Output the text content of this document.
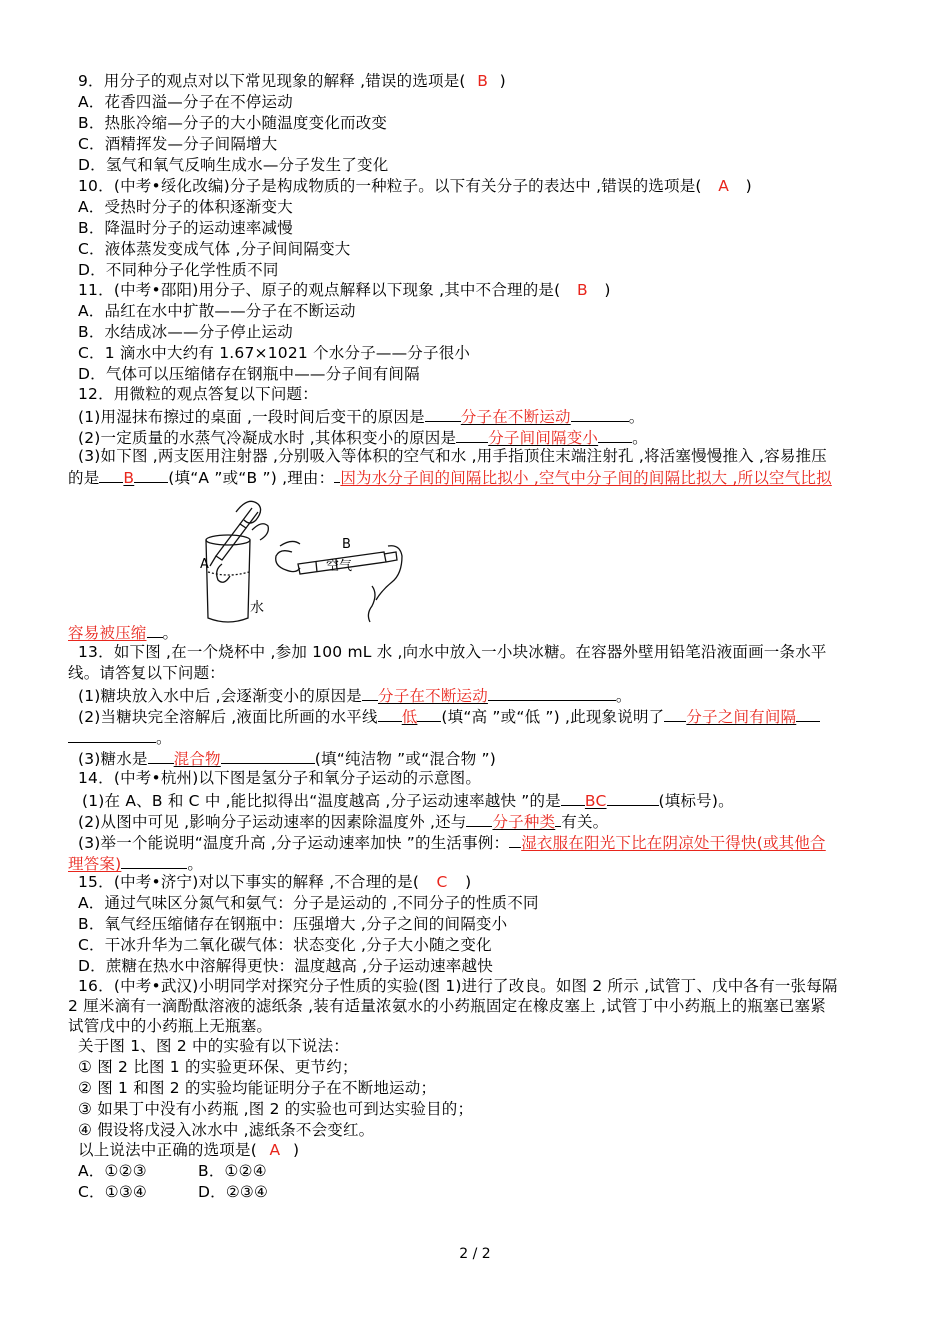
9．用分子的观点对以下常见现象的解释 ,错误的选项是( B )
A．花香四溢—分子在不停运动
B．热胀冷缩—分子的大小随温度变化而改变
C．酒精挥发—分子间隔增大
D．氢气和氧气反响生成水—分子发生了变化
10．(中考•绥化改编)分子是构成物质的一种粒子。以下有关分子的表达中 ,错误的选项是( A )
A．受热时分子的体积逐渐变大
B．降温时分子的运动速率减慢
C．液体蒸发变成气体 ,分子间间隔变大
D．不同种分子化学性质不同
11．(中考•邵阳)用分子、原子的观点解释以下现象 ,其中不合理的是( B )
A．品红在水中扩散——分子在不断运动
B．水结成冰——分子停止运动
C．1 滴水中大约有 1.67×1021 个水分子——分子很小
D．气体可以压缩储存在钢瓶中——分子间有间隔
12．用微粒的观点答复以下问题：
(1)用湿抹布擦过的桌面 ,一段时间后变干的原因是 分子在不断运动	。
(2)一定质量的水蒸气冷凝成水时 ,其体积变小的原因是 分子间间隔变小 。
(3)如下图 ,两支医用注射器 ,分别吸入等体积的空气和水 ,用手指顶住末端注射孔 ,将活塞慢慢推入 ,容易推压
的是 B (填“A ”或“B ”) ,理由： 因为水分子间的间隔比拟小 ,空气中分子间的间隔比拟大 ,所以空气比拟
A
水
B
空气
容易被压缩 。
13．如下图 ,在一个烧杯中 ,参加 100 mL 水 ,向水中放入一小块冰糖。在容器外壁用铅笔沿液面画一条水平
线。请答复以下问题：
(1)糖块放入水中后 ,会逐渐变小的原因是 分子在不断运动	。
(2)当糖块完全溶解后 ,液面比所画的水平线 低 (填“高 ”或“低 ”) ,此现象说明了 分子之间有间隔
。
(3)糖水是 混合物	(填“纯洁物 ”或“混合物 ”)
14．(中考•杭州)以下图是氢分子和氧分子运动的示意图。
(1)在 A、B 和 C 中 ,能比拟得出“温度越高 ,分子运动速率越快 ”的是 BC	(填标号)。
(2)从图中可见 ,影响分子运动速率的因素除温度外 ,还与 分子种类 有关。
(3)举一个能说明“温度升高 ,分子运动速率加快 ”的生活事例： 湿衣服在阳光下比在阴凉处干得快(或其他合
理答案)	。
15．(中考•济宁)对以下事实的解释 ,不合理的是( C )
A．通过气味区分氮气和氨气：分子是运动的 ,不同分子的性质不同
B．氧气经压缩储存在钢瓶中：压强增大 ,分子之间的间隔变小
C．干冰升华为二氧化碳气体：状态变化 ,分子大小随之变化
D．蔗糖在热水中溶解得更快：温度越高 ,分子运动速率越快
16．(中考•武汉)小明同学对探究分子性质的实验(图 1)进行了改良。如图 2 所示 ,试管丁、戊中各有一张每隔
2 厘米滴有一滴酚酞溶液的滤纸条 ,装有适量浓氨水的小药瓶固定在橡皮塞上 ,试管丁中小药瓶上的瓶塞已塞紧
试管戊中的小药瓶上无瓶塞。
关于图 1、图 2 中的实验有以下说法：
① 图 2 比图 1 的实验更环保、更节约；
② 图 1 和图 2 的实验均能证明分子在不断地运动；
③ 如果丁中没有小药瓶 ,图 2 的实验也可到达实验目的；
④ 假设将戊浸入冰水中 ,滤纸条不会变红。
以上说法中正确的选项是( A )
A．①②③	B．①②④
C．①③④	D．②③④
2 / 2
